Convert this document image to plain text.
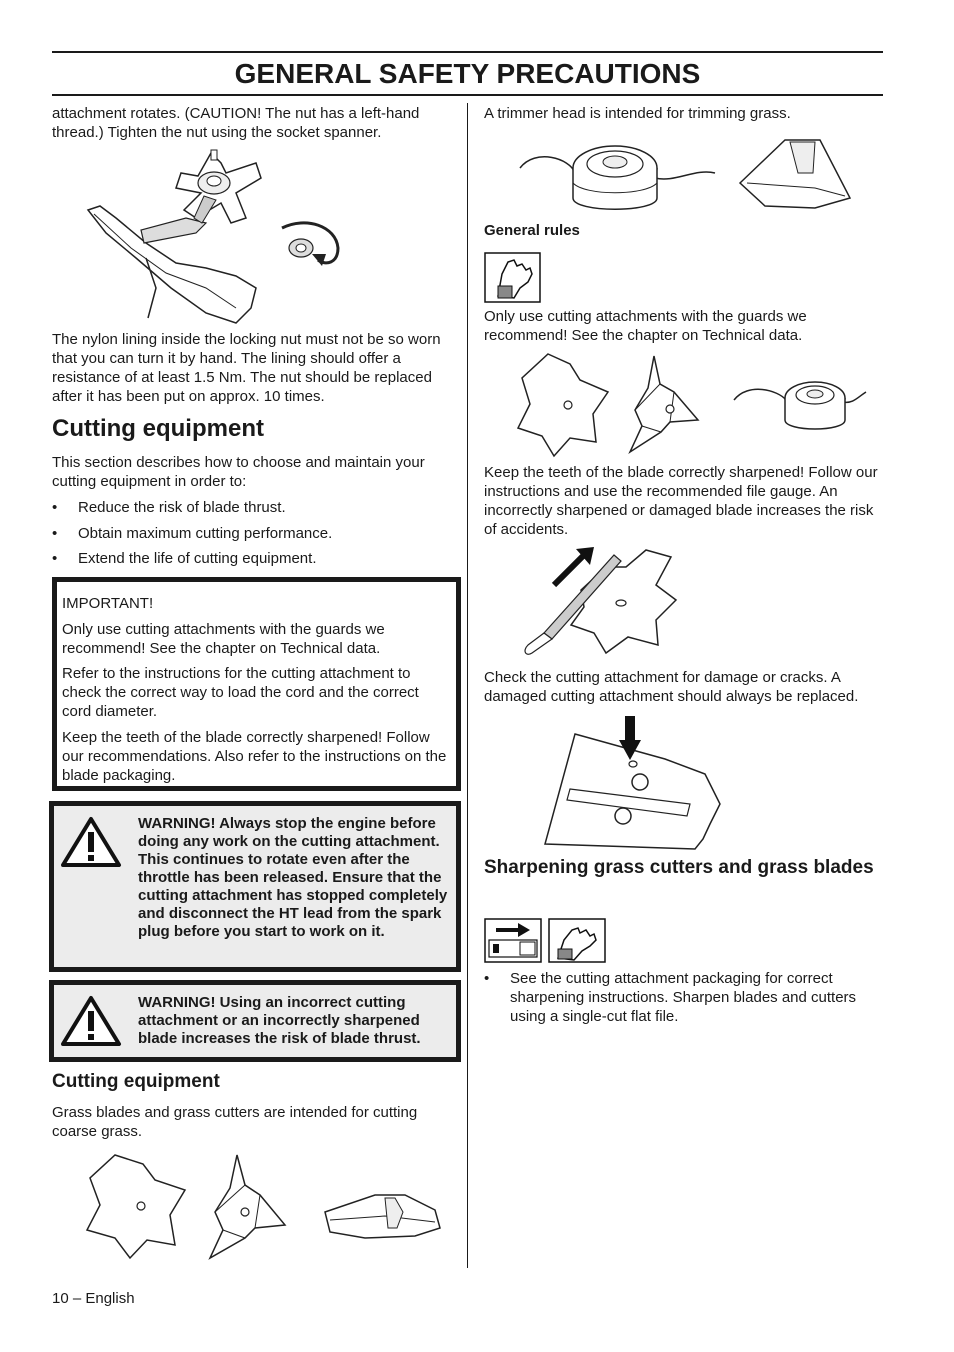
GENERAL SAFETY PRECAUTIONS

attachment rotates. (CAUTION! The nut has a left-hand thread.) Tighten the nut using the socket spanner.

The nylon lining inside the locking nut must not be so worn that you can turn it by hand. The lining should offer a resistance of at least 1.5 Nm. The nut should be replaced after it has been put on approx. 10 times.

Cutting equipment

This section describes how to choose and maintain your cutting equipment in order to:

• Reduce the risk of blade thrust.
• Obtain maximum cutting performance.
• Extend the life of cutting equipment.

IMPORTANT!

Only use cutting attachments with the guards we recommend! See the chapter on Technical data.

Refer to the instructions for the cutting attachment to check the correct way to load the cord and the correct cord diameter.

Keep the teeth of the blade correctly sharpened! Follow our recommendations. Also refer to the instructions on the blade packaging.

WARNING! Always stop the engine before doing any work on the cutting attachment. This continues to rotate even after the throttle has been released. Ensure that the cutting attachment has stopped completely and disconnect the HT lead from the spark plug before you start to work on it.
WARNING! Using an incorrect cutting attachment or an incorrectly sharpened blade increases the risk of blade thrust.
Cutting equipment

Grass blades and grass cutters are intended for cutting coarse grass.

A trimmer head is intended for trimming grass.

General rules

Only use cutting attachments with the guards we recommend! See the chapter on Technical data.

Keep the teeth of the blade correctly sharpened! Follow our instructions and use the recommended file gauge. An incorrectly sharpened or damaged blade increases the risk of accidents.

Check the cutting attachment for damage or cracks. A damaged cutting attachment should always be replaced.

Sharpening grass cutters and grass blades
• See the cutting attachment packaging for correct sharpening instructions. Sharpen blades and cutters using a single-cut flat file.
10 – English
